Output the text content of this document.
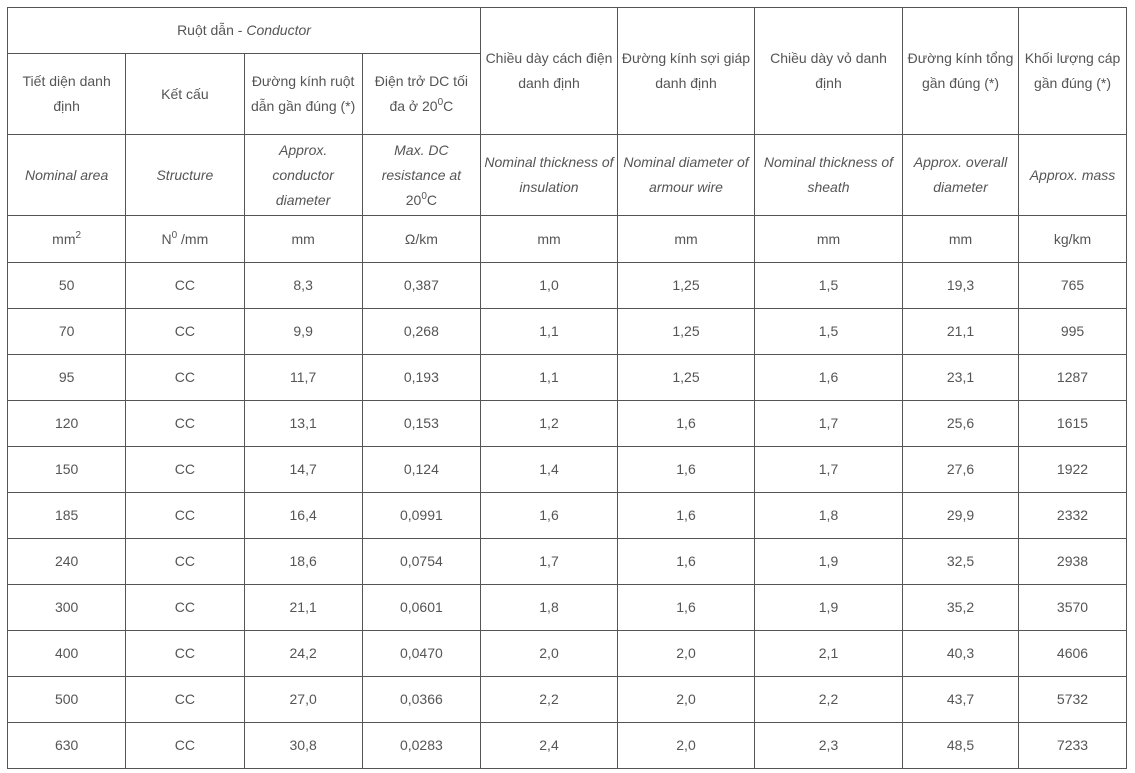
Ruột dẫn - Conductor				Chiều dày cách điện danh định	Đường kính sợi giáp danh định	Chiều dày vỏ danh định	Đường kính tổng gần đúng (*)	Khối lượng cáp gần đúng (*)
Tiết diện danh định	Kết cấu	Đường kính ruột dẫn gần đúng (*)	Điện trở DC tối đa ở $20^0C$					
Nominal area	Structure	Approx. conductor diameter	Max. DC resistance at $20^0C$	Nominal thickness of insulation	Nominal diameter of armour wire	Nominal thickness of sheath	Approx. overall diameter	Approx. mass
$mm^2$	$N^0$ /mm	mm	Ω/km	mm	mm	mm	mm	kg/km
50	CC	8,3	0,387	1,0	1,25	1,5	19,3	765
70	CC	9,9	0,268	1,1	1,25	1,5	21,1	995
95	CC	11,7	0,193	1,1	1,25	1,6	23,1	1287
120	CC	13,1	0,153	1,2	1,6	1,7	25,6	1615
150	CC	14,7	0,124	1,4	1,6	1,7	27,6	1922
185	CC	16,4	0,0991	1,6	1,6	1,8	29,9	2332
240	CC	18,6	0,0754	1,7	1,6	1,9	32,5	2938
300	CC	21,1	0,0601	1,8	1,6	1,9	35,2	3570
400	CC	24,2	0,0470	2,0	2,0	2,1	40,3	4606
500	CC	27,0	0,0366	2,2	2,0	2,2	43,7	5732
630	CC	30,8	0,0283	2,4	2,0	2,3	48,5	7233
